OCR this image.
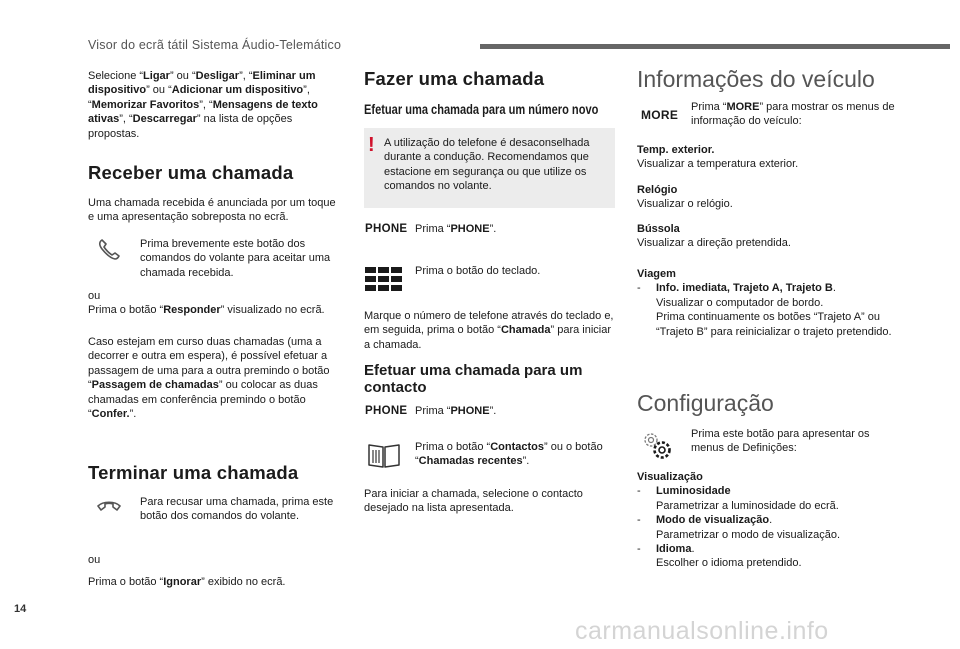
Visor do ecrã tátil Sistema Áudio-Telemático

Selecione “Ligar” ou “Desligar”, “Eliminar um dispositivo” ou “Adicionar um dispositivo”, “Memorizar Favoritos”, “Mensagens de texto ativas”, “Descarregar” na lista de opções propostas.

Receber uma chamada

Uma chamada recebida é anunciada por um toque e uma apresentação sobreposta no ecrã.

Prima brevemente este botão dos comandos do volante para aceitar uma chamada recebida.

ou

Prima o botão “Responder” visualizado no ecrã.

Caso estejam em curso duas chamadas (uma a decorrer e outra em espera), é possível efetuar a passagem de uma para a outra premindo o botão “Passagem de chamadas” ou colocar as duas chamadas em conferência premindo o botão “Confer.”.

Terminar uma chamada

Para recusar uma chamada, prima este botão dos comandos do volante.

ou

Prima o botão “Ignorar” exibido no ecrã.

Fazer uma chamada
Efetuar uma chamada para um número novo
! A utilização do telefone é desaconselhada durante a condução. Recomendamos que estacione em segurança ou que utilize os comandos no volante.
PHONE Prima “PHONE”.

Prima o botão do teclado.

Marque o número de telefone através do teclado e, em seguida, prima o botão “Chamada” para iniciar a chamada.

Efetuar uma chamada para um contacto
PHONE Prima “PHONE”.

Prima o botão “Contactos” ou o botão “Chamadas recentes”.

Para iniciar a chamada, selecione o contacto desejado na lista apresentada.

Informações do veículo
MORE

Prima “MORE” para mostrar os menus de informação do veículo:

Temp. exterior.

Visualizar a temperatura exterior.

Relógio

Visualizar o relógio.

Bússola

Visualizar a direção pretendida.

Viagem

- Info. imediata, Trajeto A, Trajeto B.

Visualizar o computador de bordo.

Prima continuamente os botões “Trajeto A” ou “Trajeto B” para reinicializar o trajeto pretendido.

Configuração

Prima este botão para apresentar os menus de Definições:

Visualização

- Luminosidade

Parametrizar a luminosidade do ecrã.

- Modo de visualização.

Parametrizar o modo de visualização.

- Idioma.

Escolher o idioma pretendido.

14
carmanualsonline.info
